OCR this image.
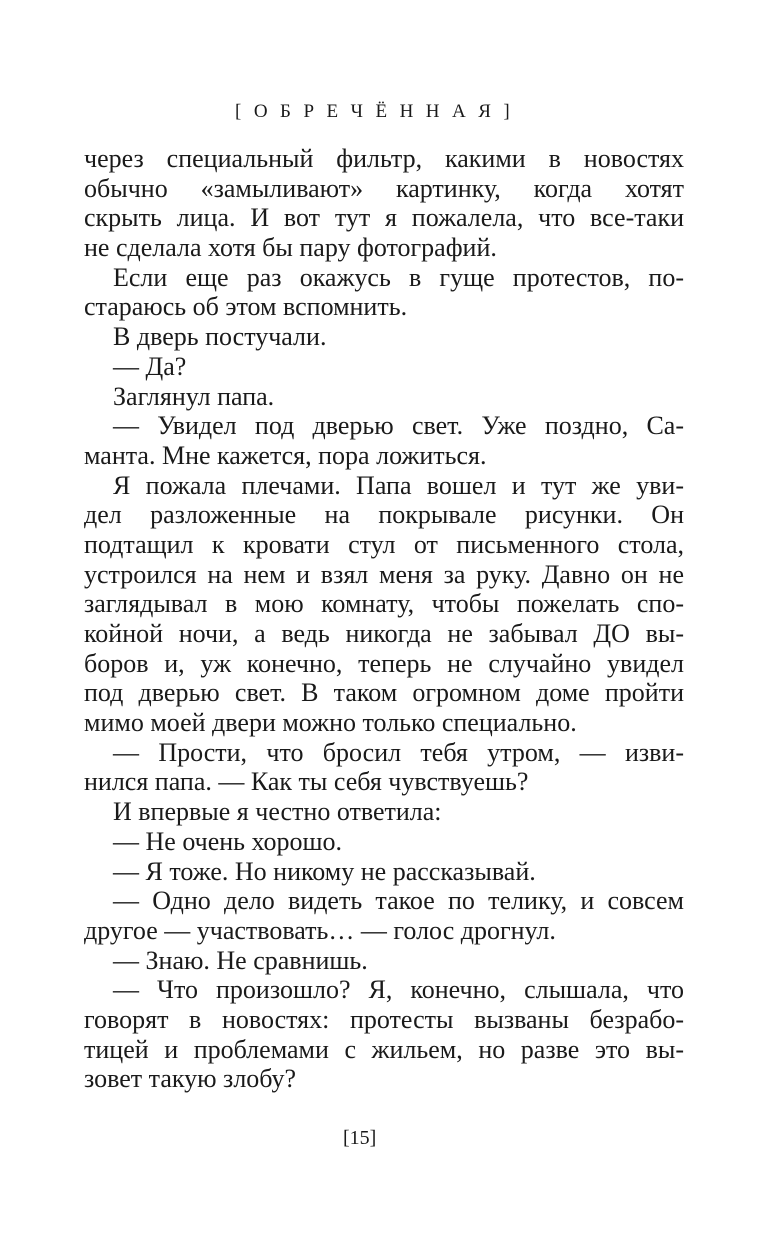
[ОБРЕЧЁННАЯ]
через специальный фильтр, какими в новостях
обычно «замыливают» картинку, когда хотят
скрыть лица. И вот тут я пожалела, что все-таки
не сделала хотя бы пару фотографий.
Если еще раз окажусь в гуще протестов, по-
стараюсь об этом вспомнить.
В дверь постучали.
— Да?
Заглянул папа.
— Увидел под дверью свет. Уже поздно, Са-
манта. Мне кажется, пора ложиться.
Я пожала плечами. Папа вошел и тут же уви-
дел разложенные на покрывале рисунки. Он
подтащил к кровати стул от письменного стола,
устроился на нем и взял меня за руку. Давно он не
заглядывал в мою комнату, чтобы пожелать спо-
койной ночи, а ведь никогда не забывал ДО вы-
боров и, уж конечно, теперь не случайно увидел
под дверью свет. В таком огромном доме пройти
мимо моей двери можно только специально.
— Прости, что бросил тебя утром, — изви-
нился папа. — Как ты себя чувствуешь?
И впервые я честно ответила:
— Не очень хорошо.
— Я тоже. Но никому не рассказывай.
— Одно дело видеть такое по телику, и совсем
другое — участвовать… — голос дрогнул.
— Знаю. Не сравнишь.
— Что произошло? Я, конечно, слышала, что
говорят в новостях: протесты вызваны безрабо-
тицей и проблемами с жильем, но разве это вы-
зовет такую злобу?
[15]
